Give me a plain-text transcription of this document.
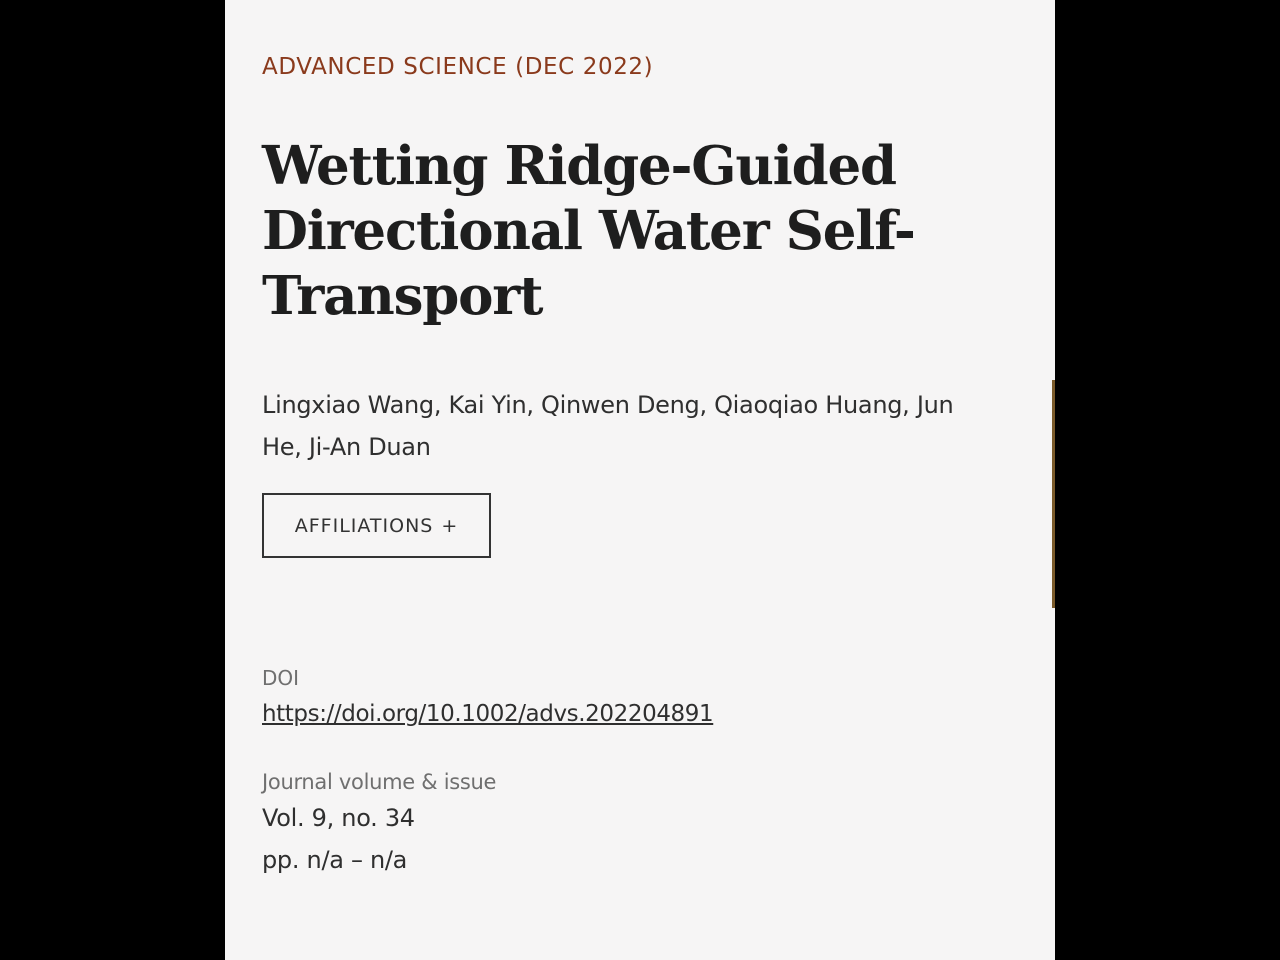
ADVANCED SCIENCE (DEC 2022)
Wetting Ridge-Guided Directional Water Self-Transport
Lingxiao Wang, Kai Yin, Qinwen Deng, Qiaoqiao Huang, Jun He, Ji-An Duan
AFFILIATIONS +
DOI
https://doi.org/10.1002/advs.202204891
Journal volume & issue
Vol. 9, no. 34
pp. n/a – n/a
